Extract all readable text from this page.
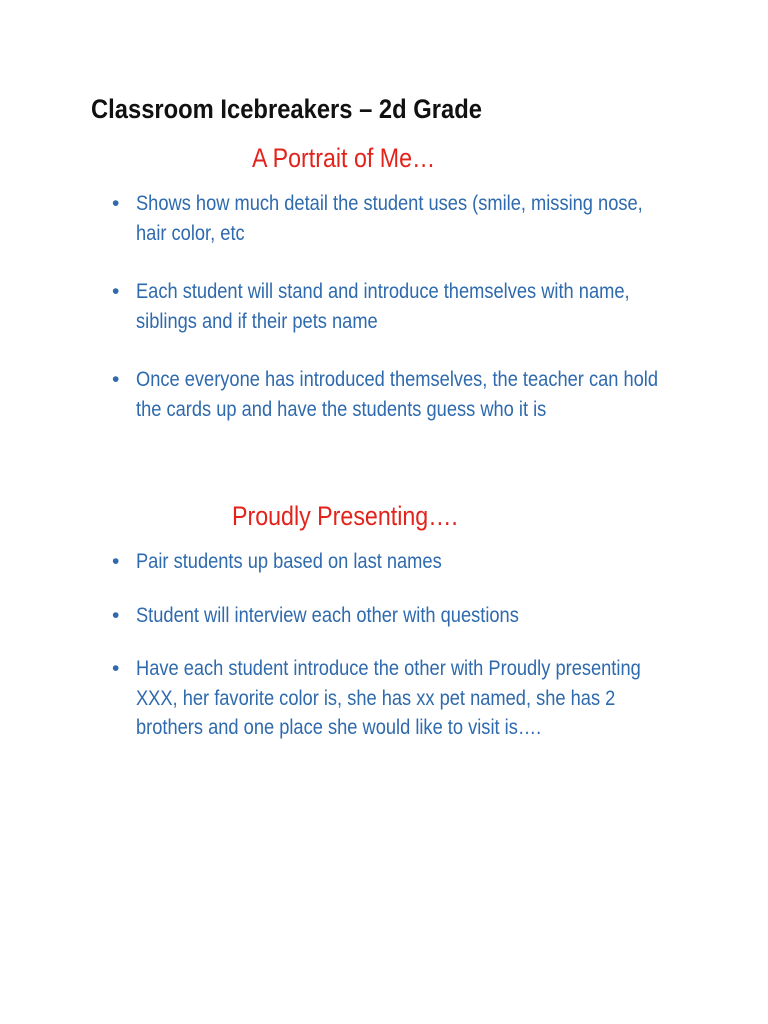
Classroom Icebreakers – 2d Grade
A Portrait of Me…
• Shows how much detail the student uses (smile, missing nose, hair color, etc
• Each student will stand and introduce themselves with name, siblings and if their pets name
• Once everyone has introduced themselves, the teacher can hold the cards up and have the students guess who it is
Proudly Presenting….
• Pair students up based on last names
• Student will interview each other with questions
• Have each student introduce the other with Proudly presenting XXX, her favorite color is, she has xx pet named, she has 2 brothers and one place she would like to visit is….
